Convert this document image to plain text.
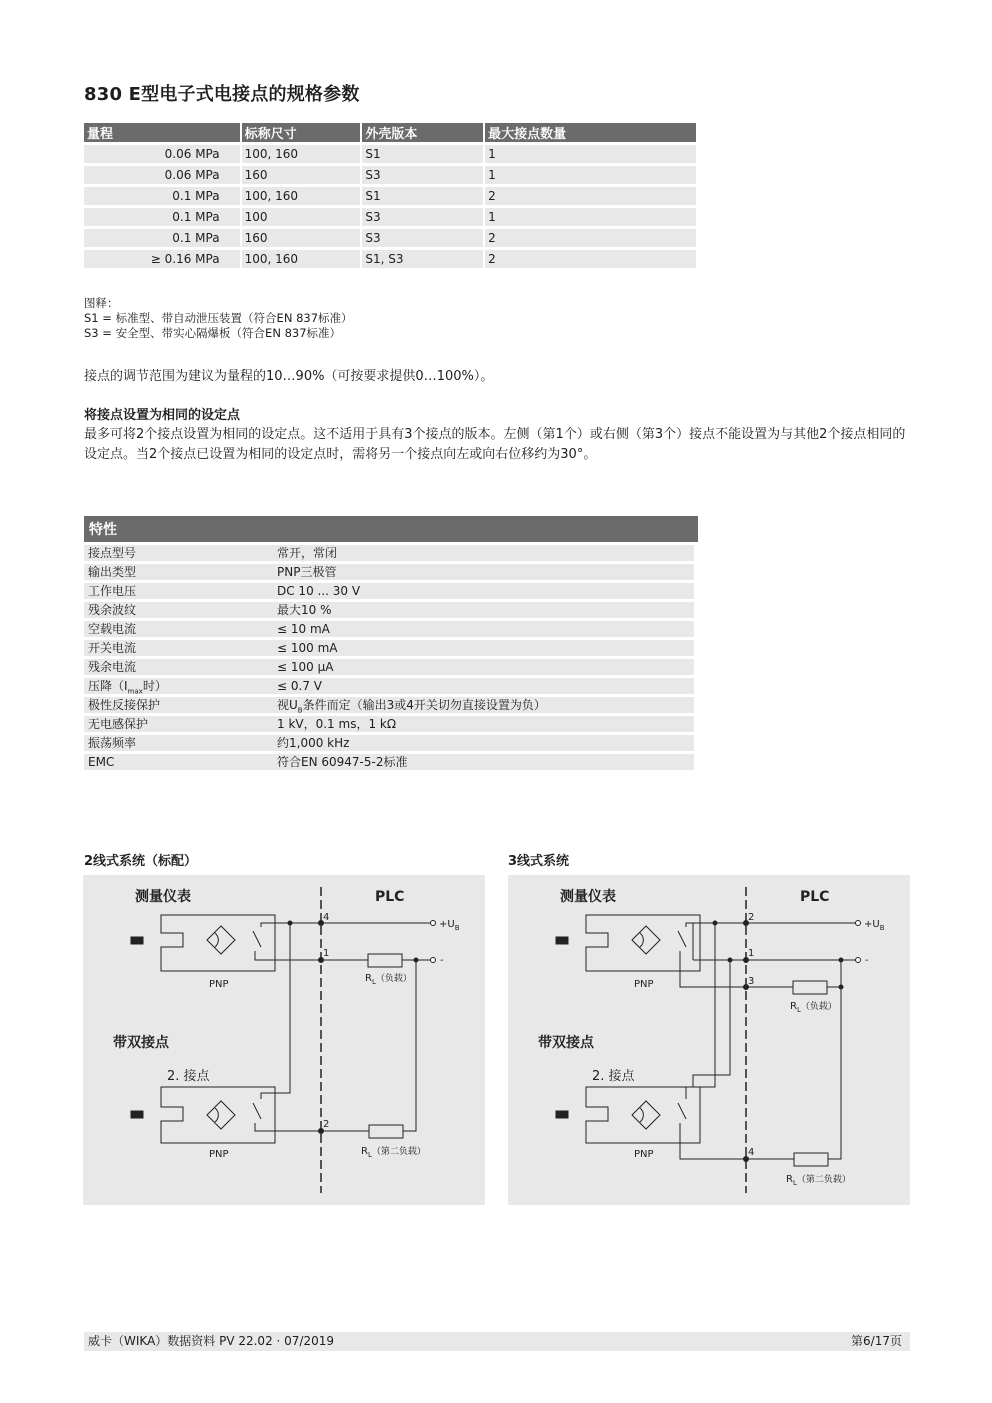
830 E型电子式电接点的规格参数
量程	标称尺寸	外壳版本	最大接点数量
0.06 MPa	100, 160	S1	1
0.06 MPa	160	S3	1
0.1 MPa	100, 160	S1	2
0.1 MPa	100	S3	1
0.1 MPa	160	S3	2
≥ 0.16 MPa	100, 160	S1, S3	2
图释：
S1 = 标准型、带自动泄压装置（符合EN 837标准）
S3 = 安全型、带实心隔爆板（符合EN 837标准）
接点的调节范围为建议为量程的10…90%（可按要求提供0…100%）。
将接点设置为相同的设定点
最多可将2个接点设置为相同的设定点。这不适用于具有3个接点的版本。左侧（第1个）或右侧（第3个）接点不能设置为与其他2个接点相同的设定点。当2个接点已设置为相同的设定点时，需将另一个接点向左或向右位移约为30°。
特性
接点型号	常开，常闭
输出类型	PNP三极管
工作电压	DC 10 ... 30 V
残余波纹	最大10 %
空载电流	≤ 10 mA
开关电流	≤ 100 mA
残余电流	≤ 100 µA
压降（$I_{max}$时）	≤ 0.7 V
极性反接保护	视$U_B$条件而定（输出3或4开关切勿直接设置为负）
无电感保护	1 kV，0.1 ms，1 kΩ
振荡频率	约1,000 kHz
EMC	符合EN 60947-5-2标准
2线式系统（标配）	3线式系统
测量仪表	PLC
4
1
2
PNP
PNP
$+U_B$
-
$R_L$（负载）
$R_L$（第二负载）
带双接点
2. 接点
测量仪表	PLC
2
1
3
4
PNP
PNP
$+U_B$
-
$R_L$（负载）
$R_L$（第二负载）
带双接点
2. 接点
威卡（WIKA）数据资料 PV 22.02 · 07/2019	第6/17页
